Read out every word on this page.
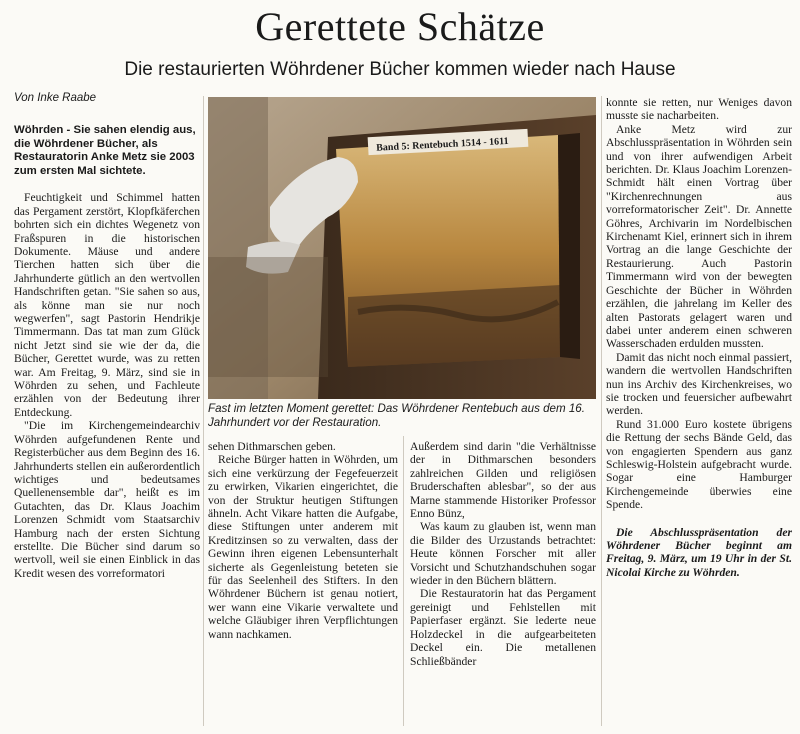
Gerettete Schätze
Die restaurierten Wöhrdener Bücher kommen wieder nach Hause
Von Inke Raabe

Wöhrden - Sie sahen elendig aus, die Wöhrdener Bücher, als Restauratorin Anke Metz sie 2003 zum ersten Mal sichtete.

Feuchtigkeit und Schimmel hatten das Pergament zerstört, Klopfkäferchen bohrten sich ein dichtes Wegenetz von Fraßspuren in die historischen Dokumente. Mäuse und andere Tierchen hatten sich über die Jahrhunderte gütlich an den wertvollen Handschriften getan. "Sie sahen so aus, als könne man sie nur noch wegwerfen", sagt Pastorin Hendrikje Timmermann. Das tat man zum Glück nicht Jetzt sind sie wie der da, die Bücher, Gerettet wurde, was zu retten war. Am Freitag, 9. März, sind sie in Wöhrden zu sehen, und Fachleute erzählen von der Bedeutung ihrer Entdeckung.

"Die im Kirchengemeindearchiv Wöhrden aufgefundenen Rente und Registerbücher aus dem Beginn des 16. Jahrhunderts stellen ein außerordentlich wichtiges und bedeutsames Quellenensemble dar", heißt es im Gutachten, das Dr. Klaus Joachim Lorenzen Schmidt vom Staatsarchiv Hamburg nach der ersten Sichtung erstellte. Die Bücher sind darum so wertvoll, weil sie einen Einblick in das Kredit wesen des vorreformatori

Band 5: Rentebuch 1514 - 1611
Fast im letzten Moment gerettet: Das Wöhrdener Rentebuch aus dem 16. Jahrhundert vor der Restauration.

sehen Dithmarschen geben.

Reiche Bürger hatten in Wöhrden, um sich eine verkürzung der Fegefeuerzeit zu erwirken, Vikarien eingerichtet, die von der Struktur heutigen Stiftungen ähneln. Acht Vikare hatten die Aufgabe, diese Stiftungen unter anderem mit Kreditzinsen so zu verwalten, dass der Gewinn ihren eigenen Lebensunterhalt sicherte als Gegenleistung beteten sie für das Seelenheil des Stifters. In den Wöhrdener Büchern ist genau notiert, wer wann eine Vikarie verwaltete und welche Gläubiger ihren Verpflichtungen wann nachkamen.

Außerdem sind darin "die Verhältnisse der in Dithmarschen besonders zahlreichen Gilden und religiösen Bruderschaften ablesbar", so der aus Marne stammende Historiker Professor Enno Bünz,

Was kaum zu glauben ist, wenn man die Bilder des Urzustands betrachtet: Heute können Forscher mit aller Vorsicht und Schutzhandschuhen sogar wieder in den Büchern blättern.

Die Restauratorin hat das Pergament gereinigt und Fehlstellen mit Papierfaser ergänzt. Sie lederte neue Holzdeckel in die aufgearbeiteten Deckel ein. Die metallenen Schließbänder

konnte sie retten, nur Weniges davon musste sie nacharbeiten.

Anke Metz wird zur Abschlusspräsentation in Wöhrden sein und von ihrer aufwendigen Arbeit berichten. Dr. Klaus Joachim Lorenzen-Schmidt hält einen Vortrag über "Kirchenrechnungen aus vorreformatorischer Zeit". Dr. Annette Göhres, Archivarin im Nordelbischen Kirchenamt Kiel, erinnert sich in ihrem Vortrag an die lange Geschichte der Restaurierung. Auch Pastorin Timmermann wird von der bewegten Geschichte der Bücher in Wöhrden erzählen, die jahrelang im Keller des alten Pastorats gelagert waren und dabei unter anderem einen schweren Wasserschaden erdulden mussten.

Damit das nicht noch einmal passiert, wandern die wertvollen Handschriften nun ins Archiv des Kirchenkreises, wo sie trocken und feuersicher aufbewahrt werden.

Rund 31.000 Euro kostete übrigens die Rettung der sechs Bände Geld, das von engagierten Spendern aus ganz Schleswig-Holstein aufgebracht wurde. Sogar eine Hamburger Kirchengemeinde überwies eine Spende.

Die Abschlusspräsentation der Wöhrdener Bücher beginnt am Freitag, 9. März, um 19 Uhr in der St. Nicolai Kirche zu Wöhrden.
